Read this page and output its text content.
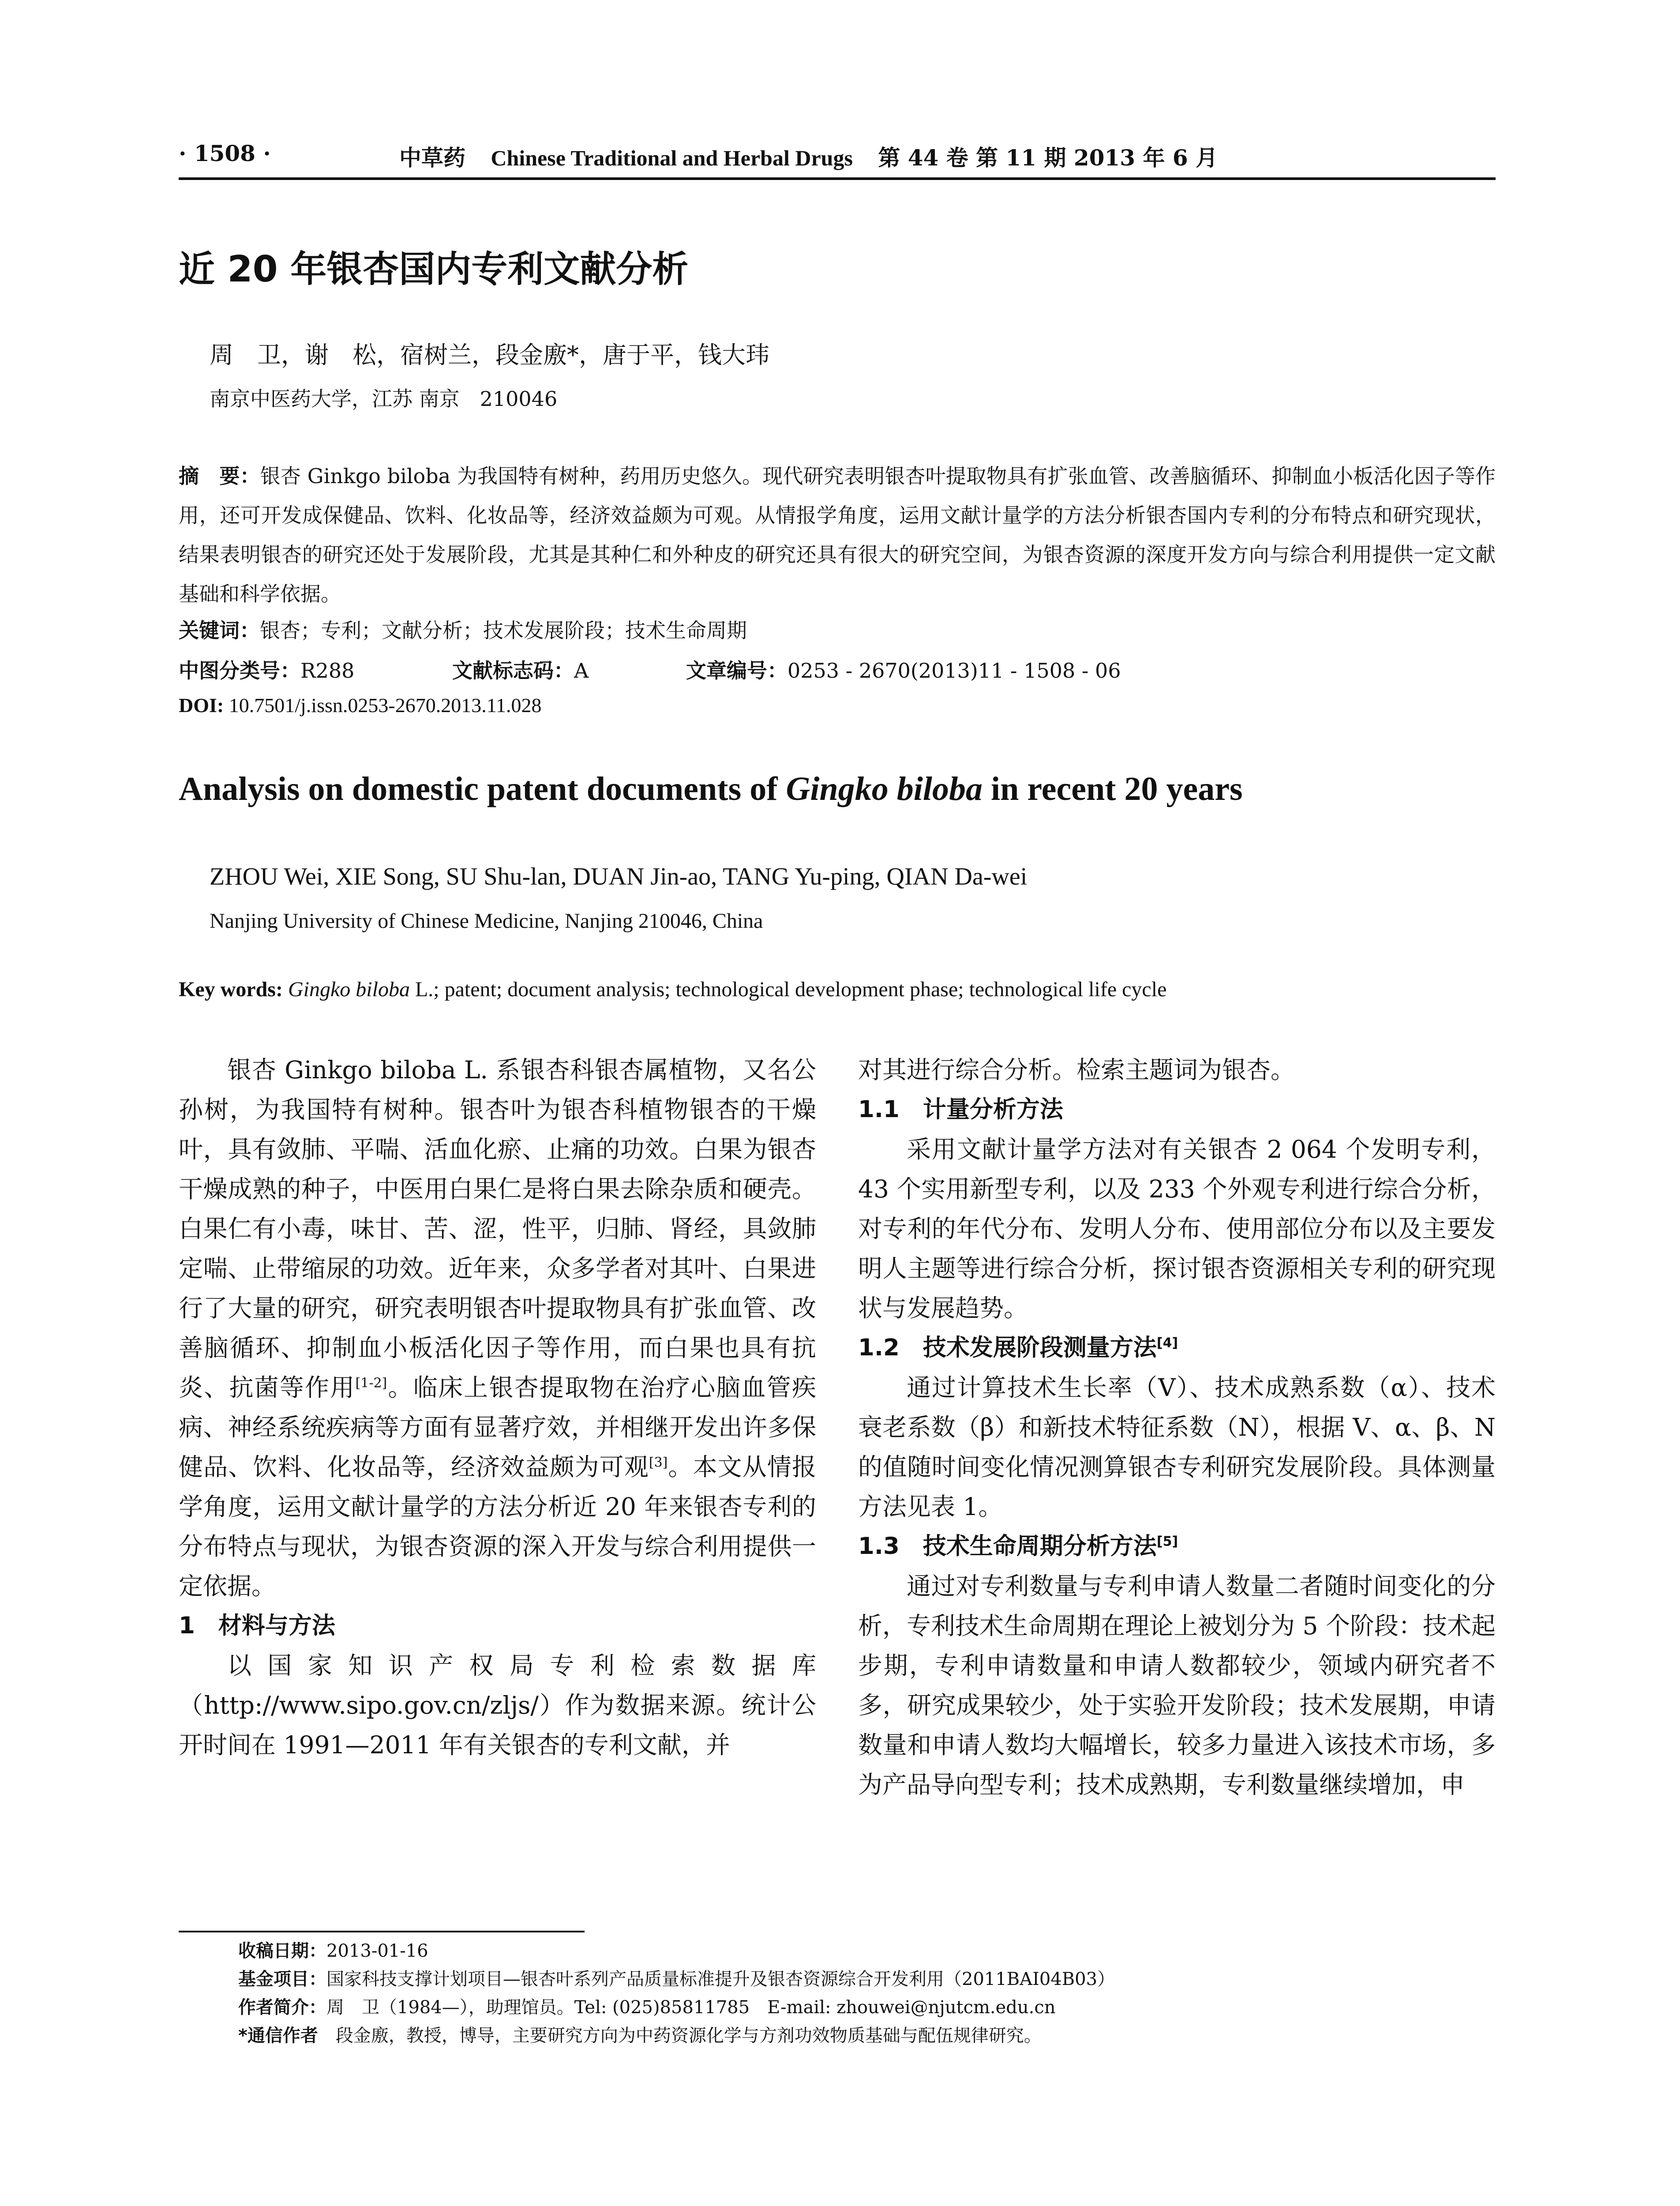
· 1508 ·	中草药 Chinese Traditional and Herbal Drugs 第 44 卷 第 11 期 2013 年 6 月
近 20 年银杏国内专利文献分析
周　卫，谢　松，宿树兰，段金廒*，唐于平，钱大玮
南京中医药大学，江苏 南京　210046
摘　要：银杏 Ginkgo biloba 为我国特有树种，药用历史悠久。现代研究表明银杏叶提取物具有扩张血管、改善脑循环、抑制血小板活化因子等作用，还可开发成保健品、饮料、化妆品等，经济效益颇为可观。从情报学角度，运用文献计量学的方法分析银杏国内专利的分布特点和研究现状，结果表明银杏的研究还处于发展阶段，尤其是其种仁和外种皮的研究还具有很大的研究空间，为银杏资源的深度开发方向与综合利用提供一定文献基础和科学依据。
关键词：银杏；专利；文献分析；技术发展阶段；技术生命周期
中图分类号：R288	文献标志码：A	文章编号：0253 - 2670(2013)11 - 1508 - 06
DOI: 10.7501/j.issn.0253-2670.2013.11.028
Analysis on domestic patent documents of Gingko biloba in recent 20 years
ZHOU Wei, XIE Song, SU Shu-lan, DUAN Jin-ao, TANG Yu-ping, QIAN Da-wei
Nanjing University of Chinese Medicine, Nanjing 210046, China
Key words: Gingko biloba L.; patent; document analysis; technological development phase; technological life cycle

银杏 Ginkgo biloba L. 系银杏科银杏属植物，又名公孙树，为我国特有树种。银杏叶为银杏科植物银杏的干燥叶，具有敛肺、平喘、活血化瘀、止痛的功效。白果为银杏干燥成熟的种子，中医用白果仁是将白果去除杂质和硬壳。白果仁有小毒，味甘、苦、涩，性平，归肺、肾经，具敛肺定喘、止带缩尿的功效。近年来，众多学者对其叶、白果进行了大量的研究，研究表明银杏叶提取物具有扩张血管、改善脑循环、抑制血小板活化因子等作用，而白果也具有抗炎、抗菌等作用[1-2]。临床上银杏提取物在治疗心脑血管疾病、神经系统疾病等方面有显著疗效，并相继开发出许多保健品、饮料、化妆品等，经济效益颇为可观[3]。本文从情报学角度，运用文献计量学的方法分析近 20 年来银杏专利的分布特点与现状，为银杏资源的深入开发与综合利用提供一定依据。

1　材料与方法

以国家知识产权局专利检索数据库（http://www.sipo.gov.cn/zljs/）作为数据来源。统计公开时间在 1991—2011 年有关银杏的专利文献，并

对其进行综合分析。检索主题词为银杏。

1.1　计量分析方法

采用文献计量学方法对有关银杏 2 064 个发明专利，43 个实用新型专利，以及 233 个外观专利进行综合分析，对专利的年代分布、发明人分布、使用部位分布以及主要发明人主题等进行综合分析，探讨银杏资源相关专利的研究现状与发展趋势。

1.2　技术发展阶段测量方法[4]

通过计算技术生长率（V）、技术成熟系数（α）、技术衰老系数（β）和新技术特征系数（N），根据 V、α、β、N 的值随时间变化情况测算银杏专利研究发展阶段。具体测量方法见表 1。

1.3　技术生命周期分析方法[5]

通过对专利数量与专利申请人数量二者随时间变化的分析，专利技术生命周期在理论上被划分为 5 个阶段：技术起步期，专利申请数量和申请人数都较少，领域内研究者不多，研究成果较少，处于实验开发阶段；技术发展期，申请数量和申请人数均大幅增长，较多力量进入该技术市场，多为产品导向型专利；技术成熟期，专利数量继续增加，申

收稿日期：2013-01-16
基金项目：国家科技支撑计划项目—银杏叶系列产品质量标准提升及银杏资源综合开发利用（2011BAI04B03）
作者简介：周　卫（1984—），助理馆员。Tel: (025)85811785　E-mail: zhouwei@njutcm.edu.cn
*通信作者　段金廒，教授，博导，主要研究方向为中药资源化学与方剂功效物质基础与配伍规律研究。
